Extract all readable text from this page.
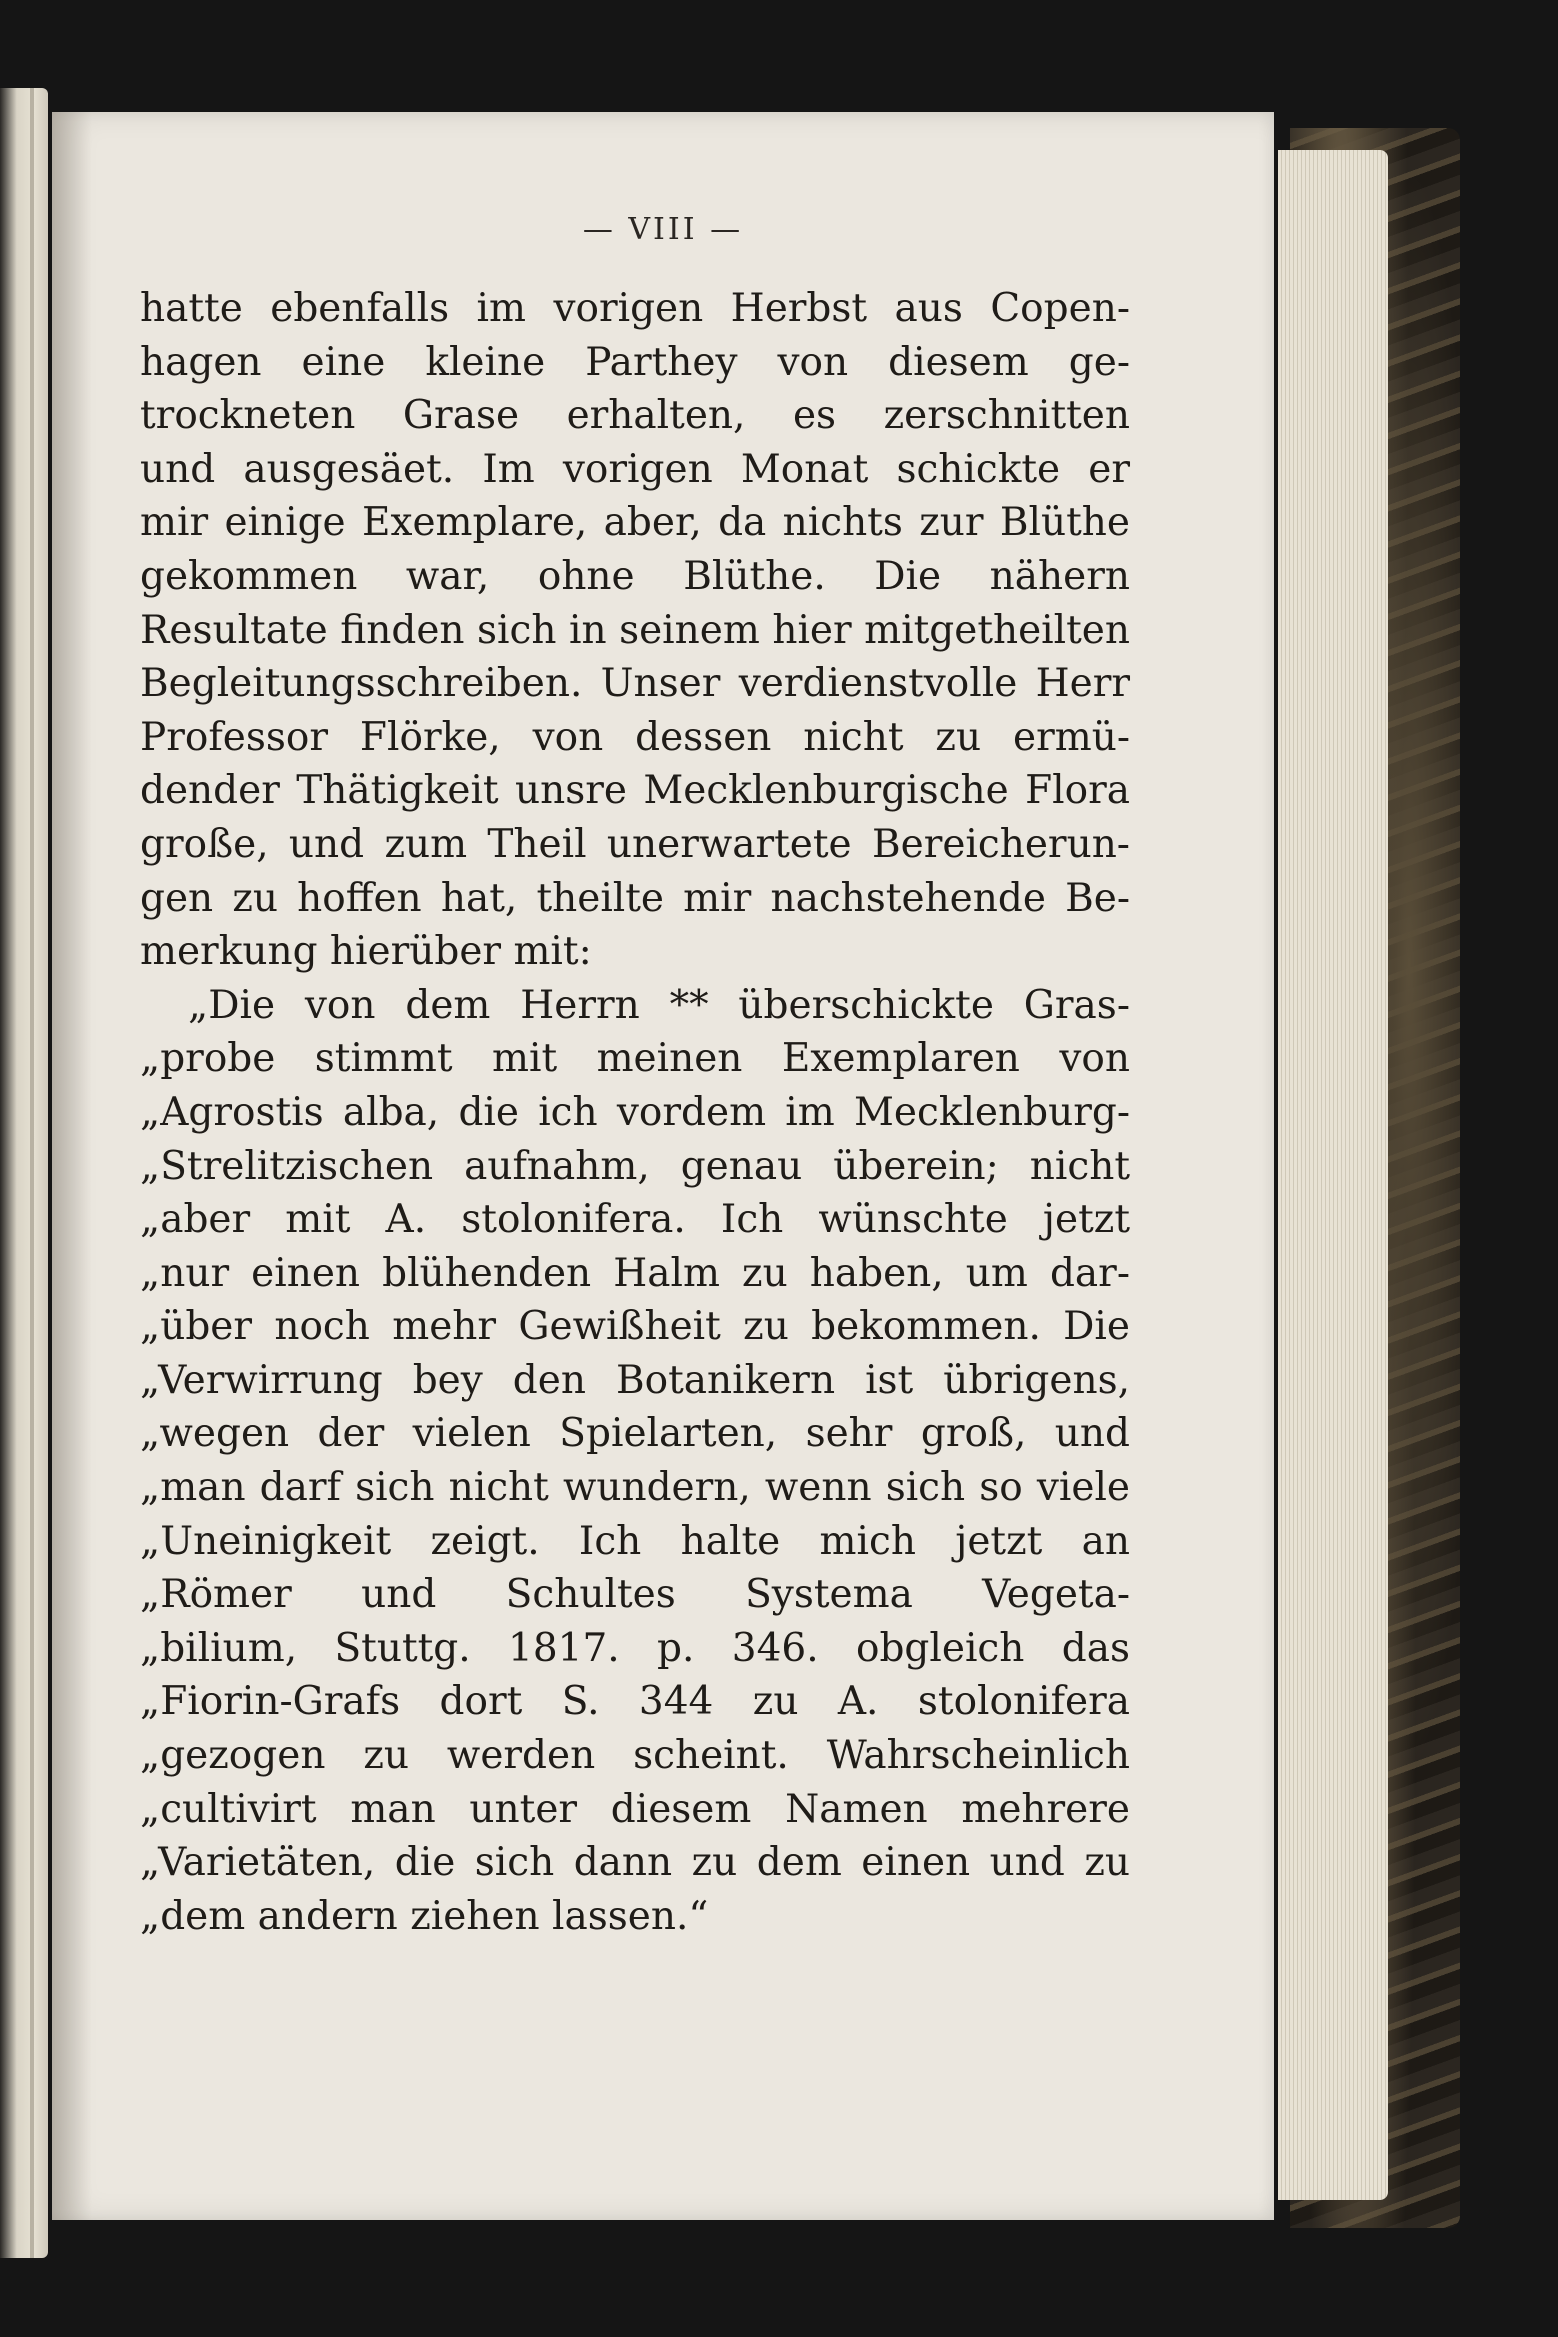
— VIII —
hatte ebenfalls im vorigen Herbst aus Copen-
hagen eine kleine Parthey von diesem ge-
trockneten Grase erhalten, es zerschnitten
und ausgesäet. Im vorigen Monat schickte er
mir einige Exemplare, aber, da nichts zur Blüthe
gekommen war, ohne Blüthe. Die nähern
Resultate finden sich in seinem hier mitgetheilten
Begleitungsschreiben. Unser verdienstvolle Herr
Professor Flörke, von dessen nicht zu ermü-
dender Thätigkeit unsre Mecklenburgische Flora
große, und zum Theil unerwartete Bereicherun-
gen zu hoffen hat, theilte mir nachstehende Be-
merkung hierüber mit:
„Die von dem Herrn ** überschickte Gras-
„probe stimmt mit meinen Exemplaren von
„Agrostis alba, die ich vordem im Mecklenburg-
„Strelitzischen aufnahm, genau überein; nicht
„aber mit A. stolonifera. Ich wünschte jetzt
„nur einen blühenden Halm zu haben, um dar-
„über noch mehr Gewißheit zu bekommen. Die
„Verwirrung bey den Botanikern ist übrigens,
„wegen der vielen Spielarten, sehr groß, und
„man darf sich nicht wundern, wenn sich so viele
„Uneinigkeit zeigt. Ich halte mich jetzt an
„Römer und Schultes Systema Vegeta-
„bilium, Stuttg. 1817. p. 346. obgleich das
„Fiorin-Grafs dort S. 344 zu A. stolonifera
„gezogen zu werden scheint. Wahrscheinlich
„cultivirt man unter diesem Namen mehrere
„Varietäten, die sich dann zu dem einen und zu
„dem andern ziehen lassen.“
